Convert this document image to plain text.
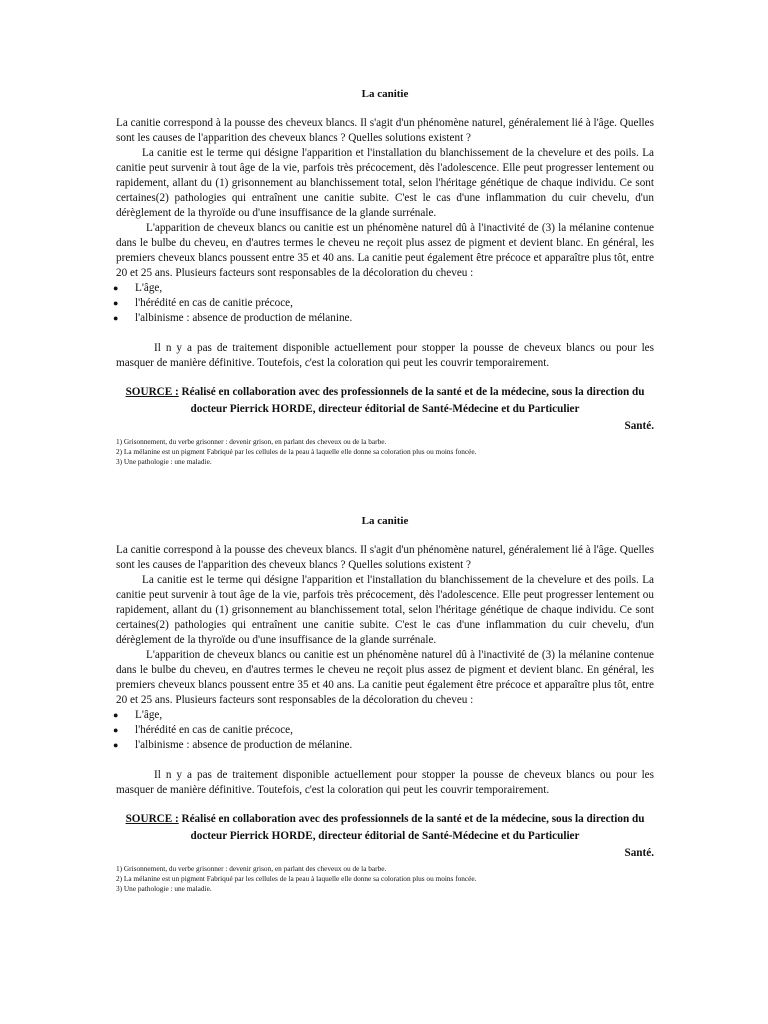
La canitie

La canitie correspond à la pousse des cheveux blancs. Il s'agit d'un phénomène naturel, généralement lié à l'âge. Quelles sont les causes de l'apparition des cheveux blancs ? Quelles solutions existent ?

La canitie est le terme qui désigne l'apparition et l'installation du blanchissement de la chevelure et des poils. La canitie peut survenir à tout âge de la vie, parfois très précocement, dès l'adolescence. Elle peut progresser lentement ou rapidement, allant du (1) grisonnement au blanchissement total, selon l'héritage génétique de chaque individu. Ce sont certaines(2) pathologies qui entraînent une canitie subite. C'est le cas d'une inflammation du cuir chevelu, d'un dérèglement de la thyroïde ou d'une insuffisance de la glande surrénale.

L'apparition de cheveux blancs ou canitie est un phénomène naturel dû à l'inactivité de (3) la mélanine contenue dans le bulbe du cheveu, en d'autres termes le cheveu ne reçoit plus assez de pigment et devient blanc. En général, les premiers cheveux blancs poussent entre 35 et 40 ans. La canitie peut également être précoce et apparaître plus tôt, entre 20 et 25 ans. Plusieurs facteurs sont responsables de la décoloration du cheveu :

● L'âge,
● l'hérédité en cas de canitie précoce,
● l'albinisme : absence de production de mélanine.

Il n y a pas de traitement disponible actuellement pour stopper la pousse de cheveux blancs ou pour les masquer de manière définitive. Toutefois, c'est la coloration qui peut les couvrir temporairement.

SOURCE : Réalisé en collaboration avec des professionnels de la santé et de la médecine, sous la direction du docteur Pierrick HORDE, directeur éditorial de Santé-Médecine et du Particulier
Santé.
1) Grisonnement, du verbe grisonner : devenir grison, en parlant des cheveux ou de la barbe.
2) La mélanine est un pigment Fabriqué par les cellules de la peau à laquelle elle donne sa coloration plus ou moins foncée.
3) Une pathologie : une maladie.
La canitie

La canitie correspond à la pousse des cheveux blancs. Il s'agit d'un phénomène naturel, généralement lié à l'âge. Quelles sont les causes de l'apparition des cheveux blancs ? Quelles solutions existent ?

La canitie est le terme qui désigne l'apparition et l'installation du blanchissement de la chevelure et des poils. La canitie peut survenir à tout âge de la vie, parfois très précocement, dès l'adolescence. Elle peut progresser lentement ou rapidement, allant du (1) grisonnement au blanchissement total, selon l'héritage génétique de chaque individu. Ce sont certaines(2) pathologies qui entraînent une canitie subite. C'est le cas d'une inflammation du cuir chevelu, d'un dérèglement de la thyroïde ou d'une insuffisance de la glande surrénale.

L'apparition de cheveux blancs ou canitie est un phénomène naturel dû à l'inactivité de (3) la mélanine contenue dans le bulbe du cheveu, en d'autres termes le cheveu ne reçoit plus assez de pigment et devient blanc. En général, les premiers cheveux blancs poussent entre 35 et 40 ans. La canitie peut également être précoce et apparaître plus tôt, entre 20 et 25 ans. Plusieurs facteurs sont responsables de la décoloration du cheveu :

● L'âge,
● l'hérédité en cas de canitie précoce,
● l'albinisme : absence de production de mélanine.

Il n y a pas de traitement disponible actuellement pour stopper la pousse de cheveux blancs ou pour les masquer de manière définitive. Toutefois, c'est la coloration qui peut les couvrir temporairement.

SOURCE : Réalisé en collaboration avec des professionnels de la santé et de la médecine, sous la direction du docteur Pierrick HORDE, directeur éditorial de Santé-Médecine et du Particulier
Santé.
1) Grisonnement, du verbe grisonner : devenir grison, en parlant des cheveux ou de la barbe.
2) La mélanine est un pigment Fabriqué par les cellules de la peau à laquelle elle donne sa coloration plus ou moins foncée.
3) Une pathologie : une maladie.
